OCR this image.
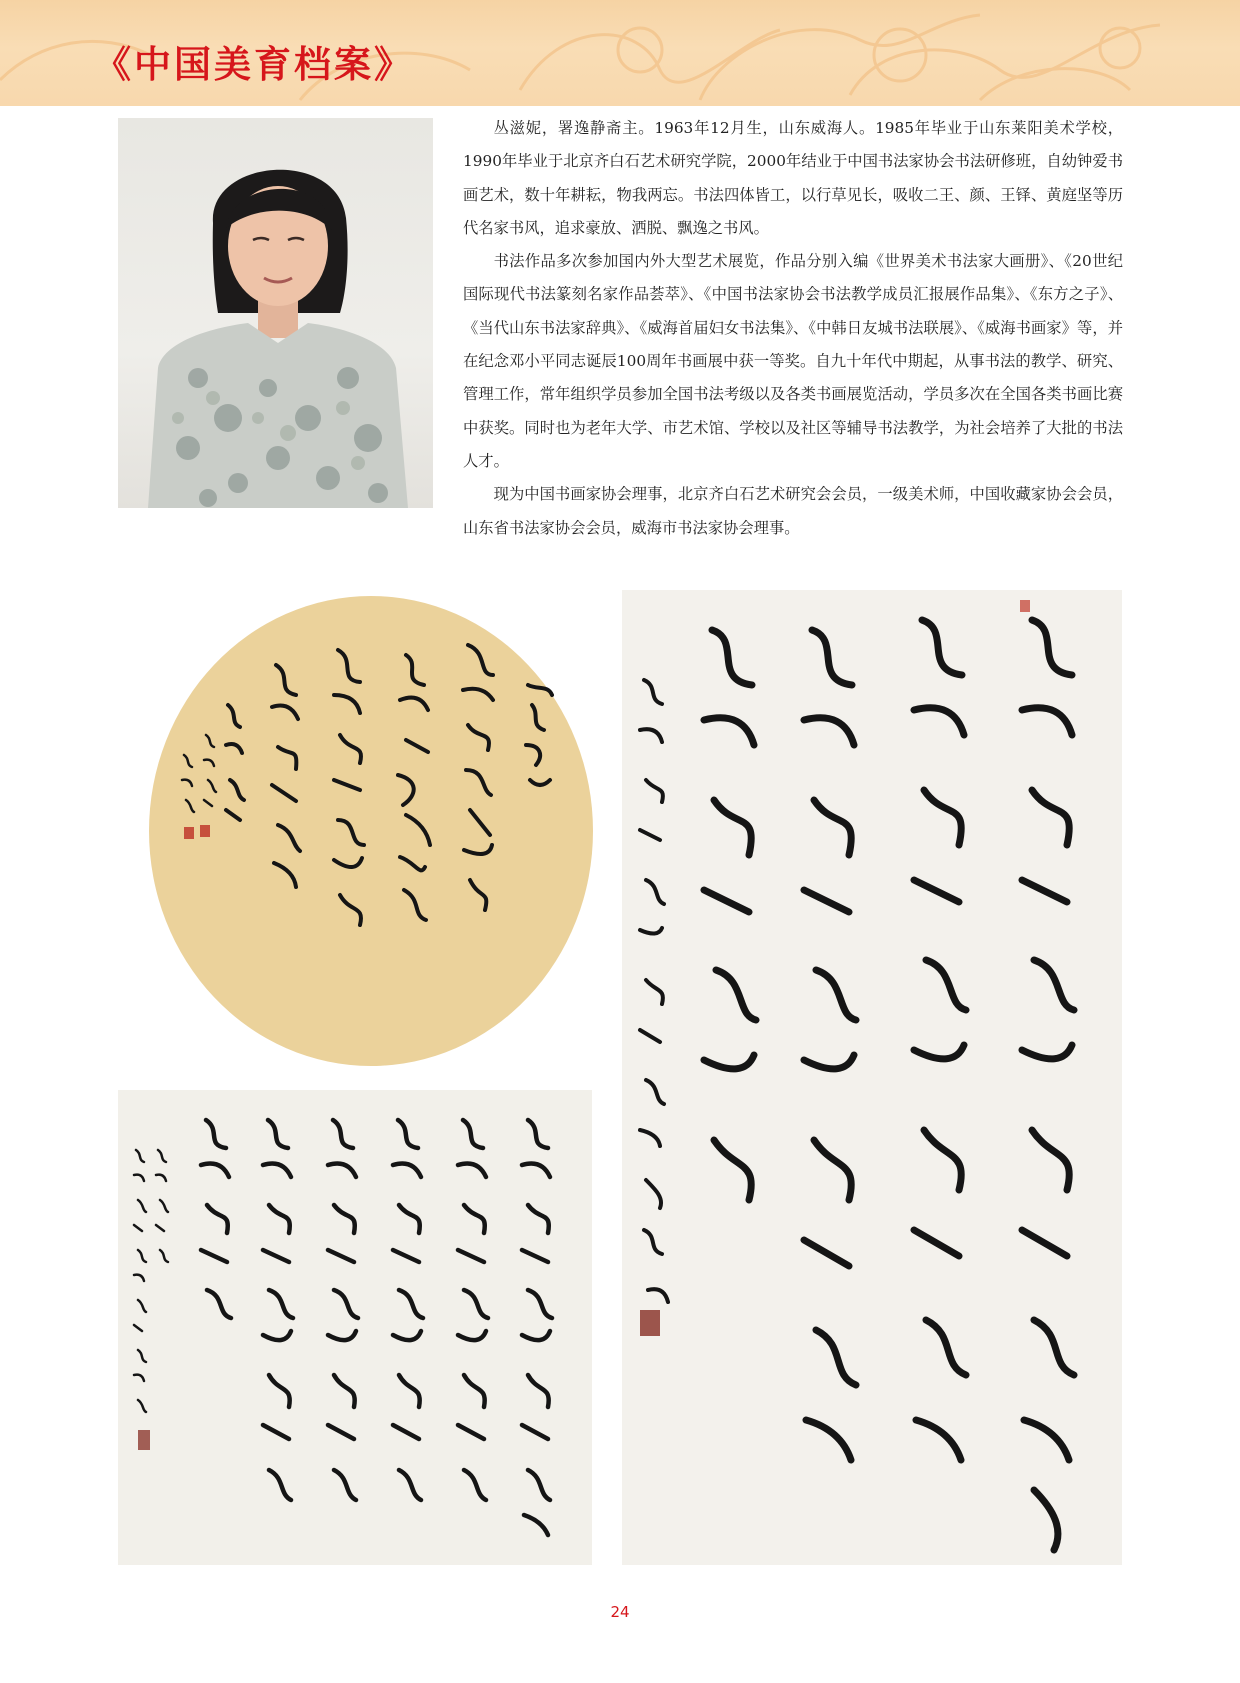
《中国美育档案》

丛滋妮，署逸静斋主。1963年12月生，山东威海人。1985年毕业于山东莱阳美术学校，1990年毕业于北京齐白石艺术研究学院，2000年结业于中国书法家协会书法研修班，自幼钟爱书画艺术，数十年耕耘，物我两忘。书法四体皆工，以行草见长，吸收二王、颜、王铎、黄庭坚等历代名家书风，追求豪放、洒脱、飘逸之书风。

书法作品多次参加国内外大型艺术展览，作品分别入编《世界美术书法家大画册》、《20世纪国际现代书法篆刻名家作品荟萃》、《中国书法家协会书法教学成员汇报展作品集》、《东方之子》、《当代山东书法家辞典》、《威海首届妇女书法集》、《中韩日友城书法联展》、《威海书画家》等，并在纪念邓小平同志诞辰100周年书画展中获一等奖。自九十年代中期起，从事书法的教学、研究、管理工作，常年组织学员参加全国书法考级以及各类书画展览活动，学员多次在全国各类书画比赛中获奖。同时也为老年大学、市艺术馆、学校以及社区等辅导书法教学，为社会培养了大批的书法人才。

现为中国书画家协会理事，北京齐白石艺术研究会会员，一级美术师，中国收藏家协会会员，山东省书法家协会会员，威海市书法家协会理事。

24
